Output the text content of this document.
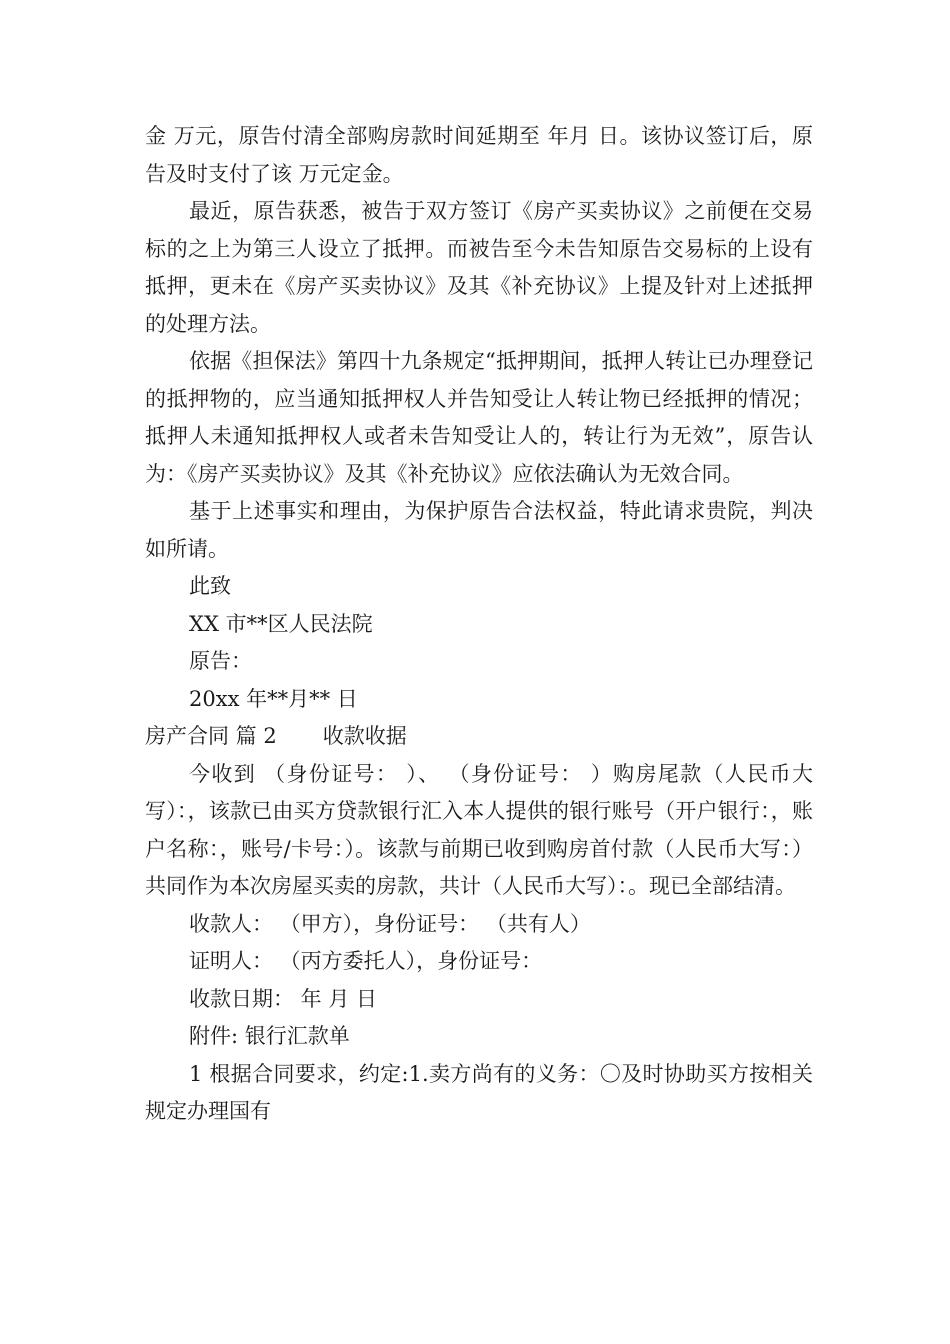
金 万元，原告付清全部购房款时间延期至 年月 日。该协议签订后，原告及时支付了该 万元定金。

最近，原告获悉，被告于双方签订《房产买卖协议》之前便在交易标的之上为第三人设立了抵押。而被告至今未告知原告交易标的上设有抵押，更未在《房产买卖协议》及其《补充协议》上提及针对上述抵押的处理方法。

依据《担保法》第四十九条规定“抵押期间，抵押人转让已办理登记的抵押物的，应当通知抵押权人并告知受让人转让物已经抵押的情况；抵押人未通知抵押权人或者未告知受让人的，转让行为无效”，原告认为：《房产买卖协议》及其《补充协议》应依法确认为无效合同。

基于上述事实和理由，为保护原告合法权益，特此请求贵院，判决如所请。

此致

XX 市**区人民法院

原告：

20xx 年**月** 日

房产合同 篇 2 收款收据

今收到 （身份证号： ）、 （身份证号： ）购房尾款（人民币大写）：，该款已由买方贷款银行汇入本人提供的银行账号（开户银行：，账户名称：，账号/卡号：）。该款与前期已收到购房首付款（人民币大写：）共同作为本次房屋买卖的房款，共计（人民币大写）：。现已全部结清。

收款人： （甲方），身份证号： （共有人）

证明人： （丙方委托人），身份证号：

收款日期： 年 月 日

附件: 银行汇款单

1 根据合同要求，约定:1.卖方尚有的义务：〇及时协助买方按相关规定办理国有
